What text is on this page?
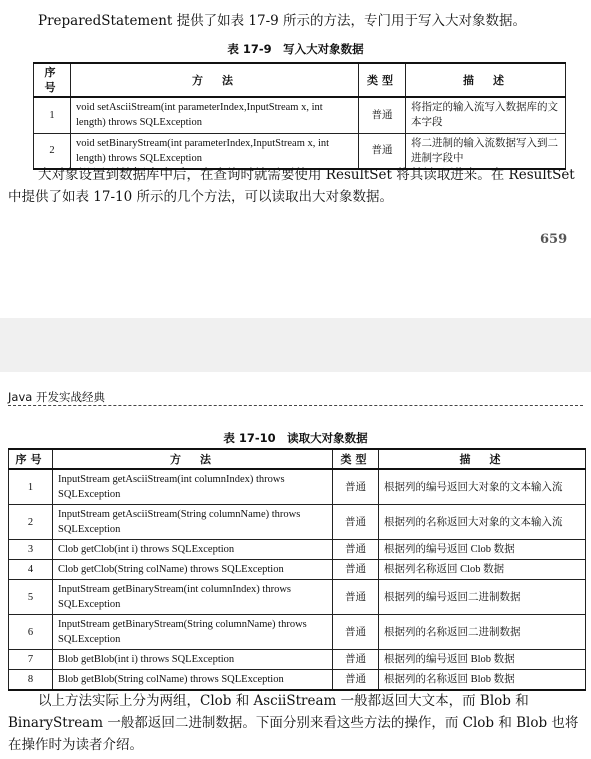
PreparedStatement 提供了如表 17-9 所示的方法，专门用于写入大对象数据。

表 17-9　写入大对象数据
序号	方　法	类型	描　述
1	void setAsciiStream(int parameterIndex,InputStream x, int length) throws SQLException	普通	将指定的输入流写入数据库的文本字段
2	void setBinaryStream(int parameterIndex,InputStream x, int length) throws SQLException	普通	将二进制的输入流数据写入到二进制字段中

大对象设置到数据库中后，在查询时就需要使用 ResultSet 将其读取进来。在 ResultSet 中提供了如表 17-10 所示的几个方法，可以读取出大对象数据。

659
Java 开发实战经典
表 17-10　读取大对象数据
序号	方　法	类型	描　述
1	InputStream getAsciiStream(int columnIndex) throws SQLException	普通	根据列的编号返回大对象的文本输入流
2	InputStream getAsciiStream(String columnName) throws SQLException	普通	根据列的名称返回大对象的文本输入流
3	Clob getClob(int i) throws SQLException	普通	根据列的编号返回 Clob 数据
4	Clob getClob(String colName) throws SQLException	普通	根据列名称返回 Clob 数据
5	InputStream getBinaryStream(int columnIndex) throws SQLException	普通	根据列的编号返回二进制数据
6	InputStream getBinaryStream(String columnName) throws SQLException	普通	根据列的名称返回二进制数据
7	Blob getBlob(int i) throws SQLException	普通	根据列的编号返回 Blob 数据
8	Blob getBlob(String colName) throws SQLException	普通	根据列的名称返回 Blob 数据

以上方法实际上分为两组，Clob 和 AsciiStream 一般都返回大文本，而 Blob 和 BinaryStream 一般都返回二进制数据。下面分别来看这些方法的操作，而 Clob 和 Blob 也将在操作时为读者介绍。
